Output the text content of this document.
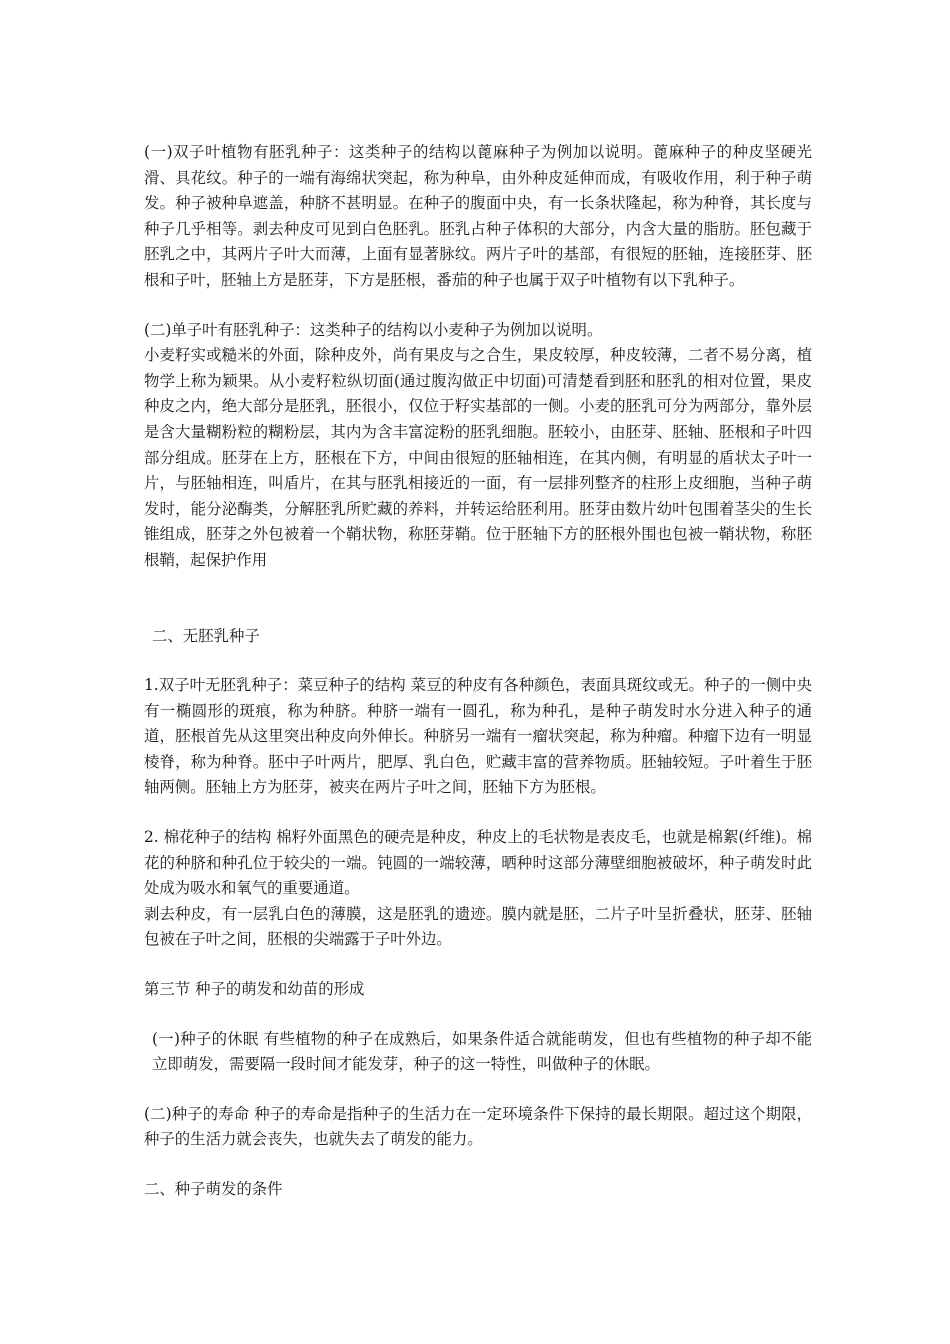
(一)双子叶植物有胚乳种子：这类种子的结构以蓖麻种子为例加以说明。蓖麻种子的种皮坚硬光滑、具花纹。种子的一端有海绵状突起，称为种阜，由外种皮延伸而成，有吸收作用，利于种子萌发。种子被种阜遮盖，种脐不甚明显。在种子的腹面中央，有一长条状隆起，称为种脊，其长度与种子几乎相等。剥去种皮可见到白色胚乳。胚乳占种子体积的大部分，内含大量的脂肪。胚包藏于胚乳之中，其两片子叶大而薄，上面有显著脉纹。两片子叶的基部，有很短的胚轴，连接胚芽、胚根和子叶，胚轴上方是胚芽，下方是胚根，番茄的种子也属于双子叶植物有以下乳种子。

(二)单子叶有胚乳种子：这类种子的结构以小麦种子为例加以说明。

小麦籽实或糙米的外面，除种皮外，尚有果皮与之合生，果皮较厚，种皮较薄，二者不易分离，植物学上称为颖果。从小麦籽粒纵切面(通过腹沟做正中切面)可清楚看到胚和胚乳的相对位置，果皮种皮之内，绝大部分是胚乳，胚很小，仅位于籽实基部的一侧。小麦的胚乳可分为两部分，靠外层是含大量糊粉粒的糊粉层，其内为含丰富淀粉的胚乳细胞。胚较小，由胚芽、胚轴、胚根和子叶四部分组成。胚芽在上方，胚根在下方，中间由很短的胚轴相连，在其内侧，有明显的盾状太子叶一片，与胚轴相连，叫盾片，在其与胚乳相接近的一面，有一层排列整齐的柱形上皮细胞，当种子萌发时，能分泌酶类，分解胚乳所贮藏的养料，并转运给胚利用。胚芽由数片幼叶包围着茎尖的生长锥组成，胚芽之外包被着一个鞘状物，称胚芽鞘。位于胚轴下方的胚根外围也包被一鞘状物，称胚根鞘，起保护作用

二、无胚乳种子

1.双子叶无胚乳种子：菜豆种子的结构 菜豆的种皮有各种颜色，表面具斑纹或无。种子的一侧中央有一椭圆形的斑痕，称为种脐。种脐一端有一圆孔，称为种孔，是种子萌发时水分进入种子的通道，胚根首先从这里突出种皮向外伸长。种脐另一端有一瘤状突起，称为种瘤。种瘤下边有一明显棱脊，称为种脊。胚中子叶两片，肥厚、乳白色，贮藏丰富的营养物质。胚轴较短。子叶着生于胚轴两侧。胚轴上方为胚芽，被夹在两片子叶之间，胚轴下方为胚根。

2. 棉花种子的结构 棉籽外面黑色的硬壳是种皮，种皮上的毛状物是表皮毛，也就是棉絮(纤维)。棉花的种脐和种孔位于较尖的一端。钝圆的一端较薄，晒种时这部分薄壁细胞被破坏，种子萌发时此处成为吸水和氧气的重要通道。

剥去种皮，有一层乳白色的薄膜，这是胚乳的遗迹。膜内就是胚，二片子叶呈折叠状，胚芽、胚轴包被在子叶之间，胚根的尖端露于子叶外边。

第三节 种子的萌发和幼苗的形成

(一)种子的休眠 有些植物的种子在成熟后，如果条件适合就能萌发，但也有些植物的种子却不能立即萌发，需要隔一段时间才能发芽，种子的这一特性，叫做种子的休眠。

(二)种子的寿命 种子的寿命是指种子的生活力在一定环境条件下保持的最长期限。超过这个期限，种子的生活力就会丧失，也就失去了萌发的能力。

二、种子萌发的条件
